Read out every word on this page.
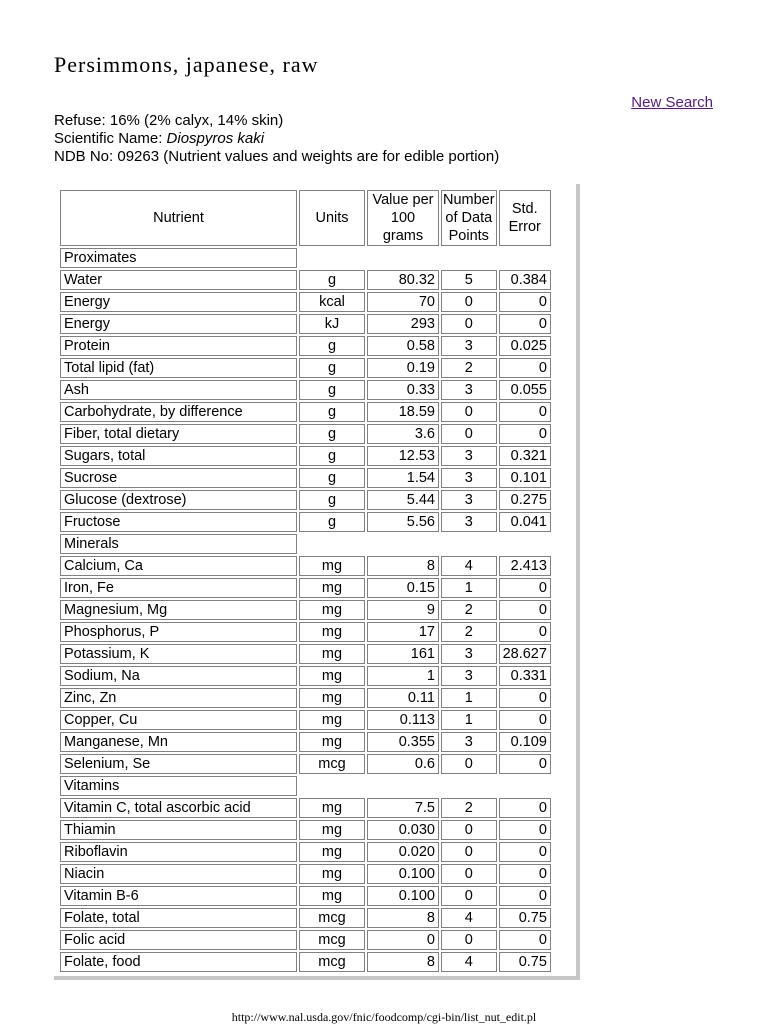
Persimmons, japanese, raw
New Search
Refuse: 16% (2% calyx, 14% skin)
Scientific Name: Diospyros kaki
NDB No: 09263 (Nutrient values and weights are for edible portion)
Nutrient	Units	Value per 100 grams	Number of Data Points	Std. Error
Proximates				
Water	g	80.32	5	0.384
Energy	kcal	70	0	0
Energy	kJ	293	0	0
Protein	g	0.58	3	0.025
Total lipid (fat)	g	0.19	2	0
Ash	g	0.33	3	0.055
Carbohydrate, by difference	g	18.59	0	0
Fiber, total dietary	g	3.6	0	0
Sugars, total	g	12.53	3	0.321
Sucrose	g	1.54	3	0.101
Glucose (dextrose)	g	5.44	3	0.275
Fructose	g	5.56	3	0.041
Minerals				
Calcium, Ca	mg	8	4	2.413
Iron, Fe	mg	0.15	1	0
Magnesium, Mg	mg	9	2	0
Phosphorus, P	mg	17	2	0
Potassium, K	mg	161	3	28.627
Sodium, Na	mg	1	3	0.331
Zinc, Zn	mg	0.11	1	0
Copper, Cu	mg	0.113	1	0
Manganese, Mn	mg	0.355	3	0.109
Selenium, Se	mcg	0.6	0	0
Vitamins				
Vitamin C, total ascorbic acid	mg	7.5	2	0
Thiamin	mg	0.030	0	0
Riboflavin	mg	0.020	0	0
Niacin	mg	0.100	0	0
Vitamin B-6	mg	0.100	0	0
Folate, total	mcg	8	4	0.75
Folic acid	mcg	0	0	0
Folate, food	mcg	8	4	0.75
http://www.nal.usda.gov/fnic/foodcomp/cgi-bin/list_nut_edit.pl
